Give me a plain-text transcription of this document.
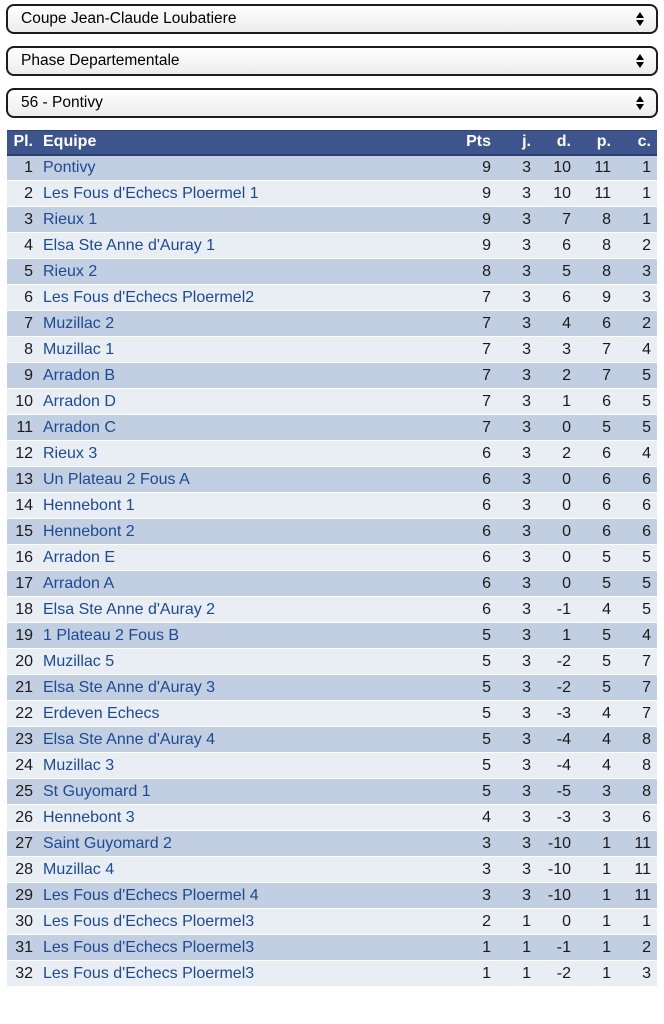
Coupe Jean-Claude Loubatiere
Phase Departementale
56 - Pontivy
Pl.	Equipe	Pts	j.	d.	p.	c.
1	Pontivy	9	3	10	11	1
2	Les Fous d'Echecs Ploermel 1	9	3	10	11	1
3	Rieux 1	9	3	7	8	1
4	Elsa Ste Anne d'Auray 1	9	3	6	8	2
5	Rieux 2	8	3	5	8	3
6	Les Fous d'Echecs Ploermel2	7	3	6	9	3
7	Muzillac 2	7	3	4	6	2
8	Muzillac 1	7	3	3	7	4
9	Arradon B	7	3	2	7	5
10	Arradon D	7	3	1	6	5
11	Arradon C	7	3	0	5	5
12	Rieux 3	6	3	2	6	4
13	Un Plateau 2 Fous A	6	3	0	6	6
14	Hennebont 1	6	3	0	6	6
15	Hennebont 2	6	3	0	6	6
16	Arradon E	6	3	0	5	5
17	Arradon A	6	3	0	5	5
18	Elsa Ste Anne d'Auray 2	6	3	-1	4	5
19	1 Plateau 2 Fous B	5	3	1	5	4
20	Muzillac 5	5	3	-2	5	7
21	Elsa Ste Anne d'Auray 3	5	3	-2	5	7
22	Erdeven Echecs	5	3	-3	4	7
23	Elsa Ste Anne d'Auray 4	5	3	-4	4	8
24	Muzillac 3	5	3	-4	4	8
25	St Guyomard 1	5	3	-5	3	8
26	Hennebont 3	4	3	-3	3	6
27	Saint Guyomard 2	3	3	-10	1	11
28	Muzillac 4	3	3	-10	1	11
29	Les Fous d'Echecs Ploermel 4	3	3	-10	1	11
30	Les Fous d'Echecs Ploermel3	2	1	0	1	1
31	Les Fous d'Echecs Ploermel3	1	1	-1	1	2
32	Les Fous d'Echecs Ploermel3	1	1	-2	1	3
